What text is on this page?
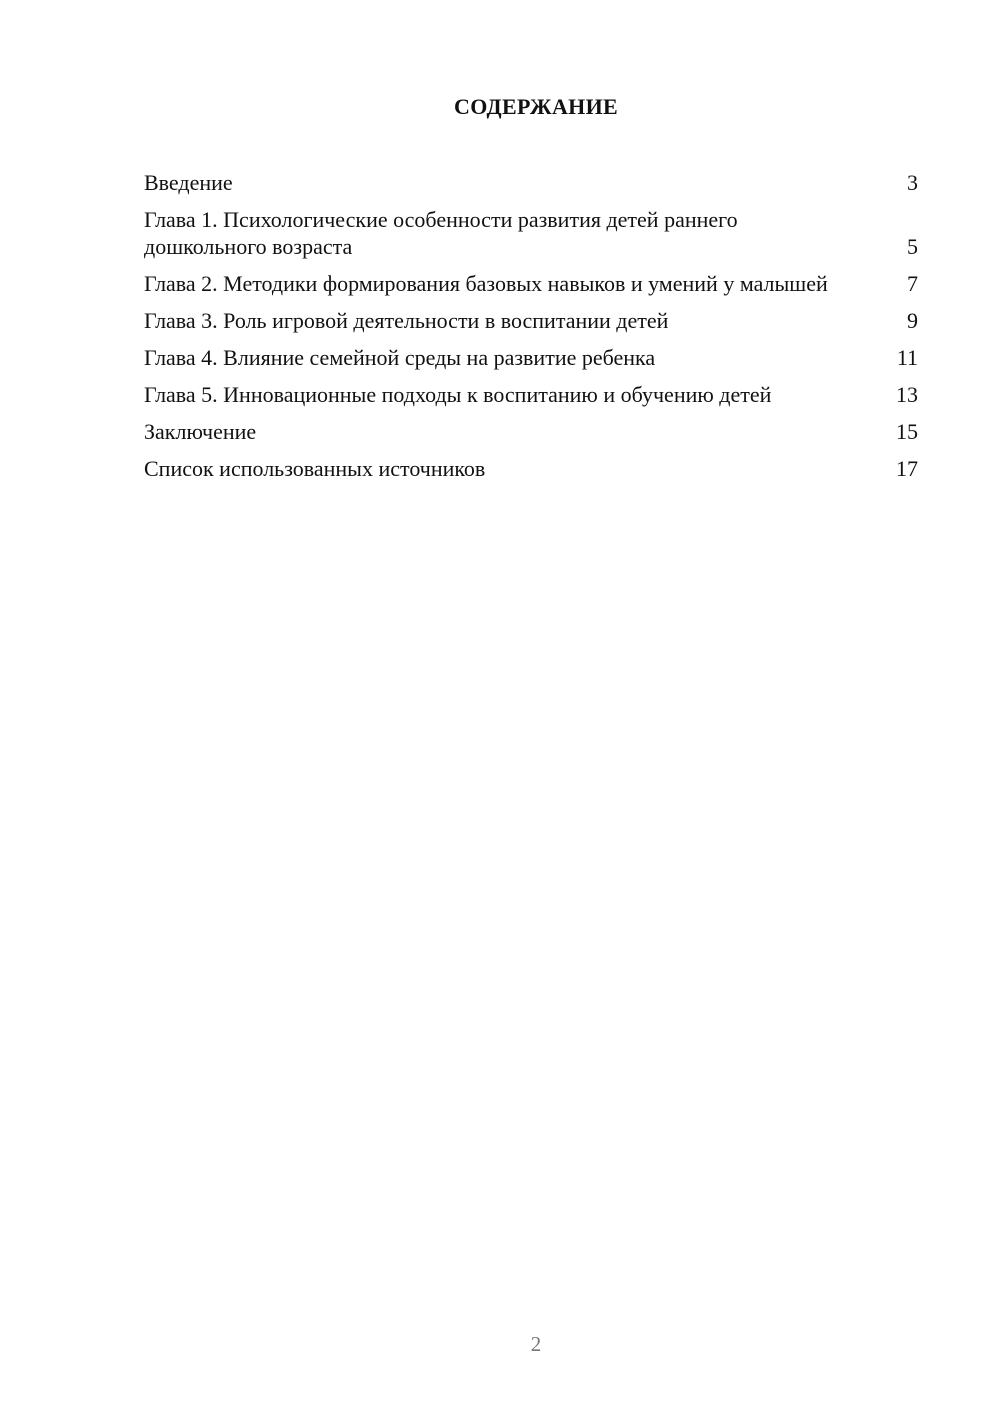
СОДЕРЖАНИЕ
Введение	3
Глава 1. Психологические особенности развития детей раннего дошкольного возраста	5
Глава 2. Методики формирования базовых навыков и умений у малышей	7
Глава 3. Роль игровой деятельности в воспитании детей	9
Глава 4. Влияние семейной среды на развитие ребенка	11
Глава 5. Инновационные подходы к воспитанию и обучению детей	13
Заключение	15
Список использованных источников	17
2
